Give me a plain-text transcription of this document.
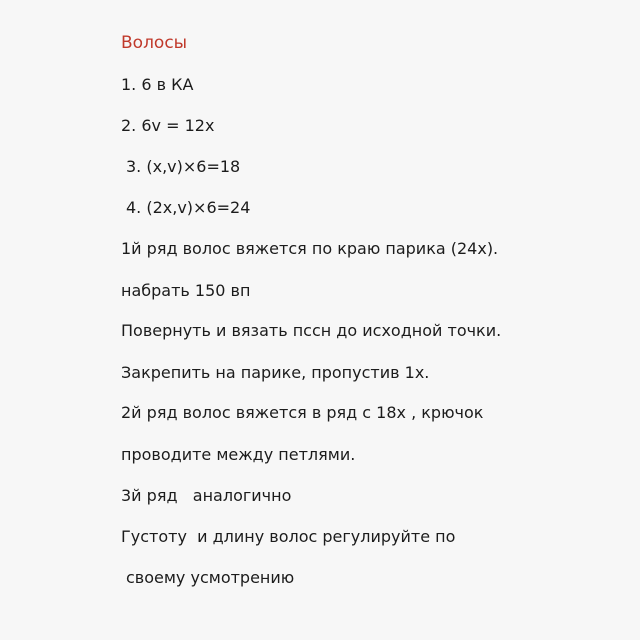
Волосы
1. 6 в КА
2. 6v = 12x
3. (x,v)×6=18
4. (2x,v)×6=24
1й ряд волос вяжется по краю парика (24х).
набрать 150 вп
Повернуть и вязать пссн до исходной точки.
Закрепить на парике, пропустив 1х.
2й ряд волос вяжется в ряд с 18х , крючок
проводите между петлями.
3й ряд   аналогично
Густоту  и длину волос регулируйте по
своему усмотрению
